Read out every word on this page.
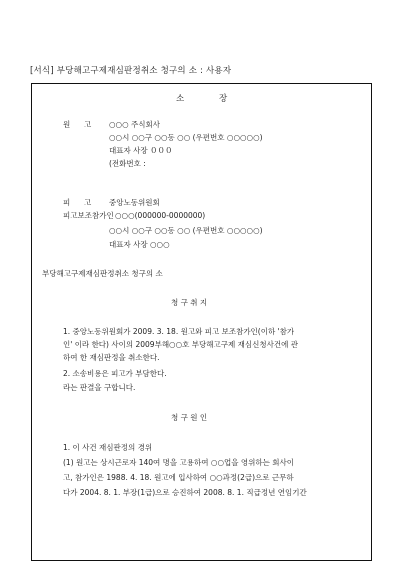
[서식] 부당해고구제재심판정취소 청구의 소 : 사용자
소	장
원 고 ○○○ 주식회사
○○시 ○○구 ○○동 ○○ (우편번호 ○○○○○)
대표자 사장 ０００
(전화번호 :
피 고 중앙노동위원회
피고보조참가인 ○○○(000000-0000000)
○○시 ○○구 ○○동 ○○ (우편번호 ○○○○○)
대표자 사장 ○○○
부당해고구제재심판정취소 청구의 소
청 구 취 지
1. 중앙노동위원회가 2009. 3. 18. 원고와 피고 보조참가인(이하 '참가
인' 이라 한다) 사이의 2009부해○○호 부당해고구제 재심신청사건에 관
하여 한 재심판정을 취소한다.
2. 소송비용은 피고가 부담한다.
라는 판결을 구합니다.
청 구 원 인
1. 이 사건 재심판정의 경위
(1) 원고는 상시근로자 140여 명을 고용하여 ○○업을 영위하는 회사이
고, 참가인은 1988. 4. 18. 원고에 입사하여 ○○과정(2급)으로 근무하
다가 2004. 8. 1. 부장(1급)으로 승진하여 2008. 8. 1. 직급정년 연임기간
